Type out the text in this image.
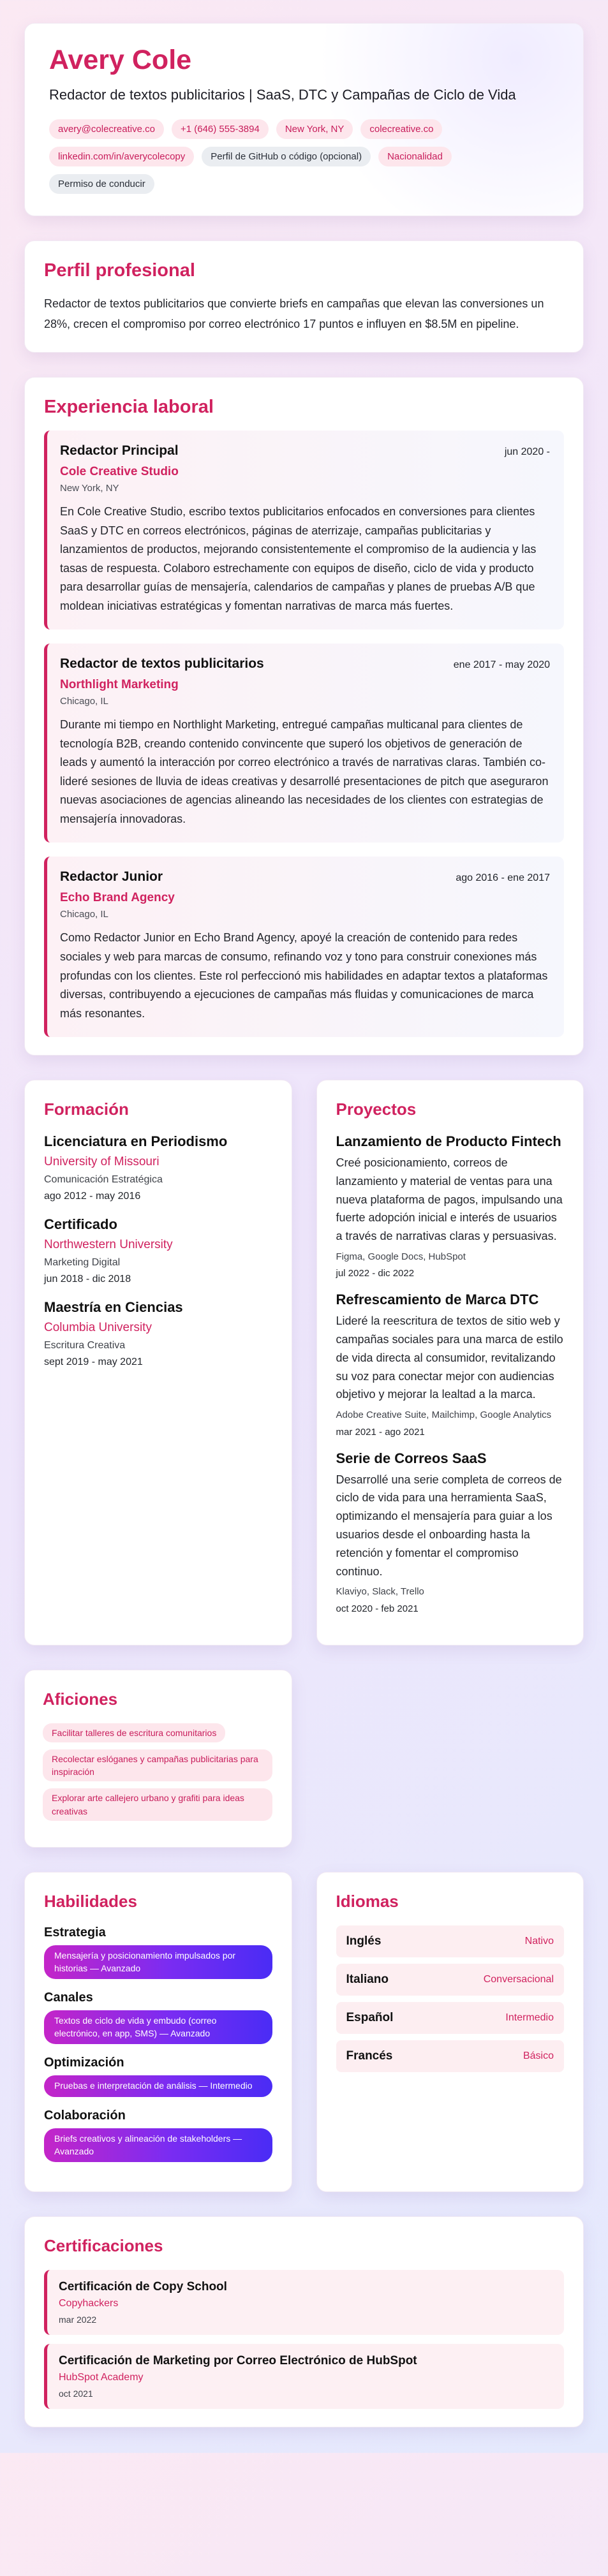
Avery Cole
Redactor de textos publicitarios | SaaS, DTC y Campañas de Ciclo de Vida
avery@colecreative.co	+1 (646) 555-3894	New York, NY	colecreative.co
linkedin.com/in/averycolecopy	Perfil de GitHub o código (opcional)	Nacionalidad
Permiso de conducir
Perfil profesional
Redactor de textos publicitarios que convierte briefs en campañas que elevan las conversiones un 28%, crecen el compromiso por correo electrónico 17 puntos e influyen en $8.5M en pipeline.
Experiencia laboral
Redactor Principal	jun 2020 -
Cole Creative Studio
New York, NY
En Cole Creative Studio, escribo textos publicitarios enfocados en conversiones para clientes SaaS y DTC en correos electrónicos, páginas de aterrizaje, campañas publicitarias y lanzamientos de productos, mejorando consistentemente el compromiso de la audiencia y las tasas de respuesta. Colaboro estrechamente con equipos de diseño, ciclo de vida y producto para desarrollar guías de mensajería, calendarios de campañas y planes de pruebas A/B que moldean iniciativas estratégicas y fomentan narrativas de marca más fuertes.
Redactor de textos publicitarios	ene 2017 - may 2020
Northlight Marketing
Chicago, IL
Durante mi tiempo en Northlight Marketing, entregué campañas multicanal para clientes de tecnología B2B, creando contenido convincente que superó los objetivos de generación de leads y aumentó la interacción por correo electrónico a través de narrativas claras. También co-lideré sesiones de lluvia de ideas creativas y desarrollé presentaciones de pitch que aseguraron nuevas asociaciones de agencias alineando las necesidades de los clientes con estrategias de mensajería innovadoras.
Redactor Junior	ago 2016 - ene 2017
Echo Brand Agency
Chicago, IL
Como Redactor Junior en Echo Brand Agency, apoyé la creación de contenido para redes sociales y web para marcas de consumo, refinando voz y tono para construir conexiones más profundas con los clientes. Este rol perfeccionó mis habilidades en adaptar textos a plataformas diversas, contribuyendo a ejecuciones de campañas más fluidas y comunicaciones de marca más resonantes.
Formación
Licenciatura en Periodismo
University of Missouri
Comunicación Estratégica
ago 2012 - may 2016
Certificado
Northwestern University
Marketing Digital
jun 2018 - dic 2018
Maestría en Ciencias
Columbia University
Escritura Creativa
sept 2019 - may 2021
Proyectos
Lanzamiento de Producto Fintech
Creé posicionamiento, correos de lanzamiento y material de ventas para una nueva plataforma de pagos, impulsando una fuerte adopción inicial e interés de usuarios a través de narrativas claras y persuasivas.
Figma, Google Docs, HubSpot
jul 2022 - dic 2022
Refrescamiento de Marca DTC
Lideré la reescritura de textos de sitio web y campañas sociales para una marca de estilo de vida directa al consumidor, revitalizando su voz para conectar mejor con audiencias objetivo y mejorar la lealtad a la marca.
Adobe Creative Suite, Mailchimp, Google Analytics
mar 2021 - ago 2021
Serie de Correos SaaS
Desarrollé una serie completa de correos de ciclo de vida para una herramienta SaaS, optimizando el mensajería para guiar a los usuarios desde el onboarding hasta la retención y fomentar el compromiso continuo.
Klaviyo, Slack, Trello
oct 2020 - feb 2021
Aficiones
Facilitar talleres de escritura comunitarios
Recolectar eslóganes y campañas publicitarias para inspiración
Explorar arte callejero urbano y grafiti para ideas creativas
Habilidades
Estrategia
Mensajería y posicionamiento impulsados por historias — Avanzado
Canales
Textos de ciclo de vida y embudo (correo electrónico, en app, SMS) — Avanzado
Optimización
Pruebas e interpretación de análisis — Intermedio
Colaboración
Briefs creativos y alineación de stakeholders — Avanzado
Idiomas
Inglés	Nativo
Italiano	Conversacional
Español	Intermedio
Francés	Básico
Certificaciones
Certificación de Copy School
Copyhackers
mar 2022
Certificación de Marketing por Correo Electrónico de HubSpot
HubSpot Academy
oct 2021
